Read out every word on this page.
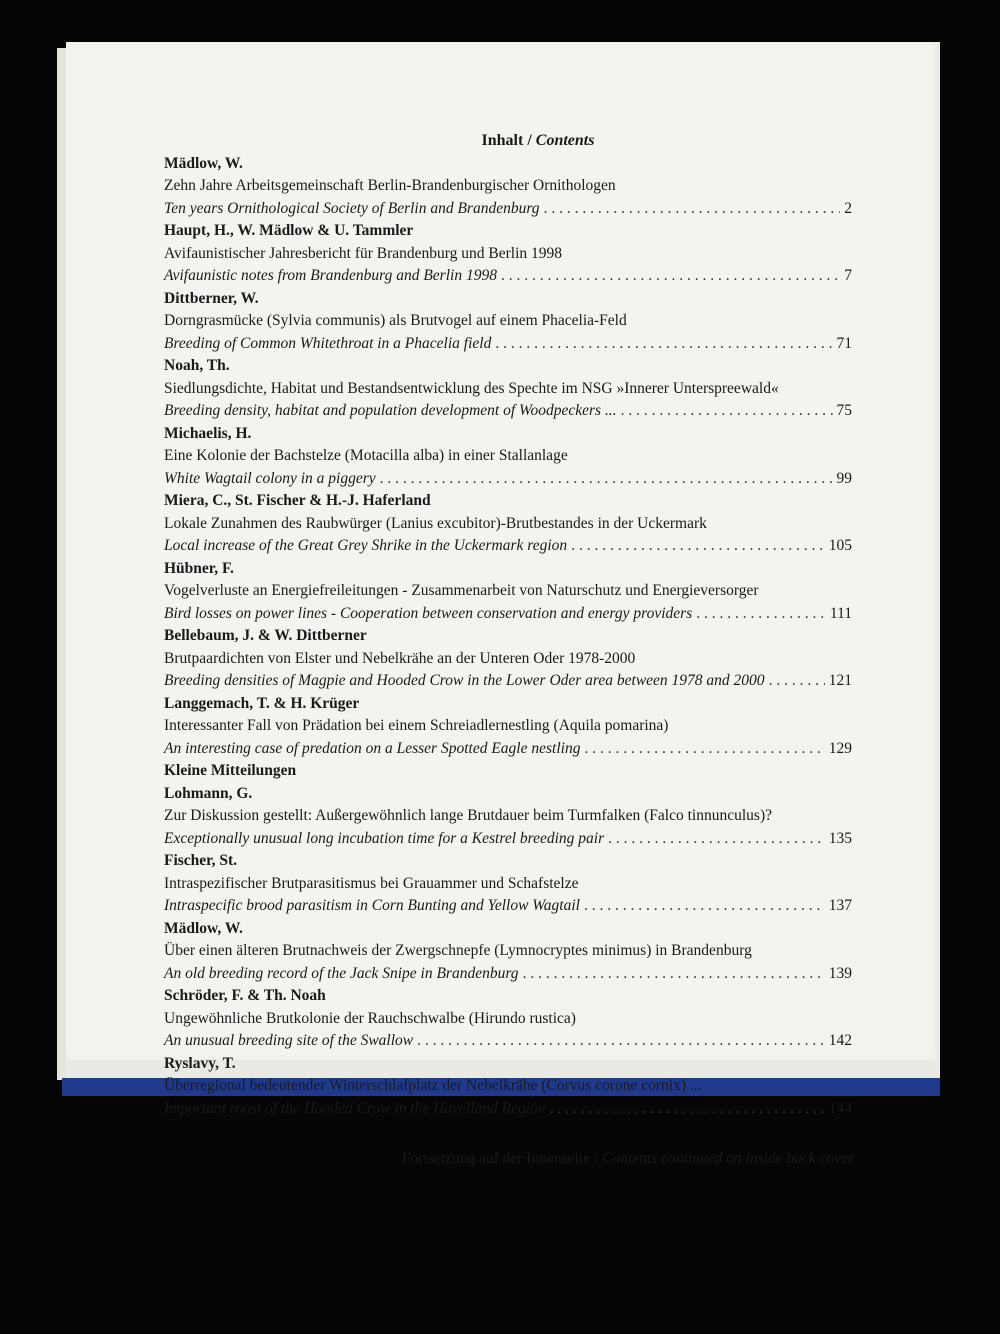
Inhalt / Contents
Mädlow, W.
Zehn Jahre Arbeitsgemeinschaft Berlin-Brandenburgischer Ornithologen
Ten years Ornithological Society of Berlin and Brandenburg . . .	2
Haupt, H., W. Mädlow & U. Tammler
Avifaunistischer Jahresbericht für Brandenburg und Berlin 1998
Avifaunistic notes from Brandenburg and Berlin 1998 . . .	7
Dittberner, W.
Dorngrasmücke (Sylvia communis) als Brutvogel auf einem Phacelia-Feld
Breeding of Common Whitethroat in a Phacelia field . . .	71
Noah, Th.
Siedlungsdichte, Habitat und Bestandsentwicklung des Spechte im NSG »Innerer Unterspreewald«
Breeding density, habitat and population development of Woodpeckers ... . . .	75
Michaelis, H.
Eine Kolonie der Bachstelze (Motacilla alba) in einer Stallanlage
White Wagtail colony in a piggery . . .	99
Miera, C., St. Fischer & H.-J. Haferland
Lokale Zunahmen des Raubwürger (Lanius excubitor)-Brutbestandes in der Uckermark
Local increase of the Great Grey Shrike in the Uckermark region . . .	105
Hübner, F.
Vogelverluste an Energiefreileitungen - Zusammenarbeit von Naturschutz und Energieversorger
Bird losses on power lines - Cooperation between conservation and energy providers . . .	111
Bellebaum, J. & W. Dittberner
Brutpaardichten von Elster und Nebelkrähe an der Unteren Oder 1978-2000
Breeding densities of Magpie and Hooded Crow in the Lower Oder area between 1978 and 2000 . . .	121
Langgemach, T. & H. Krüger
Interessanter Fall von Prädation bei einem Schreiadlernestling (Aquila pomarina)
An interesting case of predation on a Lesser Spotted Eagle nestling . . .	129
Kleine Mitteilungen
Lohmann, G.
Zur Diskussion gestellt: Außergewöhnlich lange Brutdauer beim Turmfalken (Falco tinnunculus)?
Exceptionally unusual long incubation time for a Kestrel breeding pair . . .	135
Fischer, St.
Intraspezifischer Brutparasitismus bei Grauammer und Schafstelze
Intraspecific brood parasitism in Corn Bunting and Yellow Wagtail . . .	137
Mädlow, W.
Über einen älteren Brutnachweis der Zwergschnepfe (Lymnocryptes minimus) in Brandenburg
An old breeding record of the Jack Snipe in Brandenburg . . .	139
Schröder, F. & Th. Noah
Ungewöhnliche Brutkolonie der Rauchschwalbe (Hirundo rustica)
An unusual breeding site of the Swallow . . .	142
Ryslavy, T.
Überregional bedeutender Winterschlafplatz der Nebelkrähe (Corvus corone cornix) ...
Important roost of the Hooded Crow in the Havelland Region . . .	144
Fortsetzung auf der Innenseite / Contents continued on inside back cover
